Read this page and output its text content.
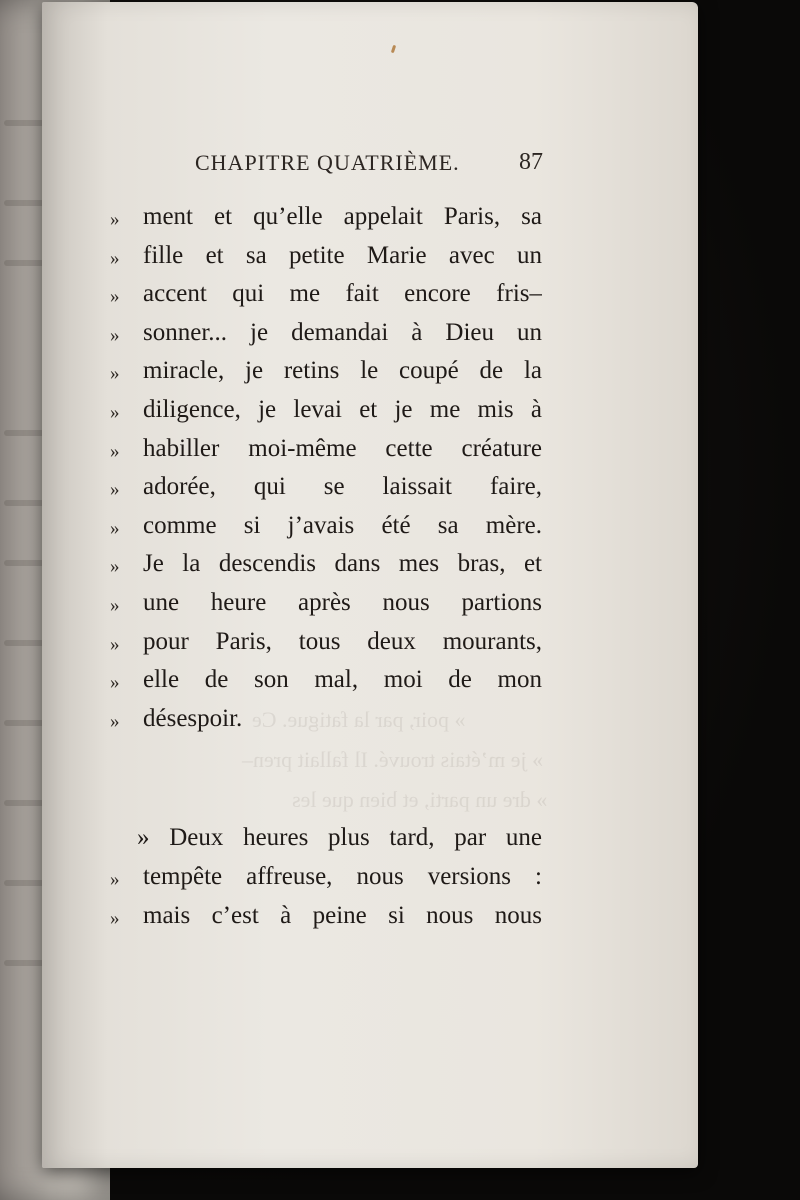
» poir, par la fatigue. Ce
» je m’étais trouvé. Il fallait pren–
» dre un parti, et bien que les
CHAPITRE QUATRIÈME. 87
» ment et qu’elle appelait Paris, sa
» fille et sa petite Marie avec un
» accent qui me fait encore fris–
» sonner... je demandai à Dieu un
» miracle, je retins le coupé de la
» diligence, je levai et je me mis à
» habiller moi-même cette créature
» adorée, qui se laissait faire,
» comme si j’avais été sa mère.
» Je la descendis dans mes bras, et
» une heure après nous partions
» pour Paris, tous deux mourants,
» elle de son mal, moi de mon
» désespoir.
» Deux heures plus tard, par une
» tempête affreuse, nous versions :
» mais c’est à peine si nous nous
